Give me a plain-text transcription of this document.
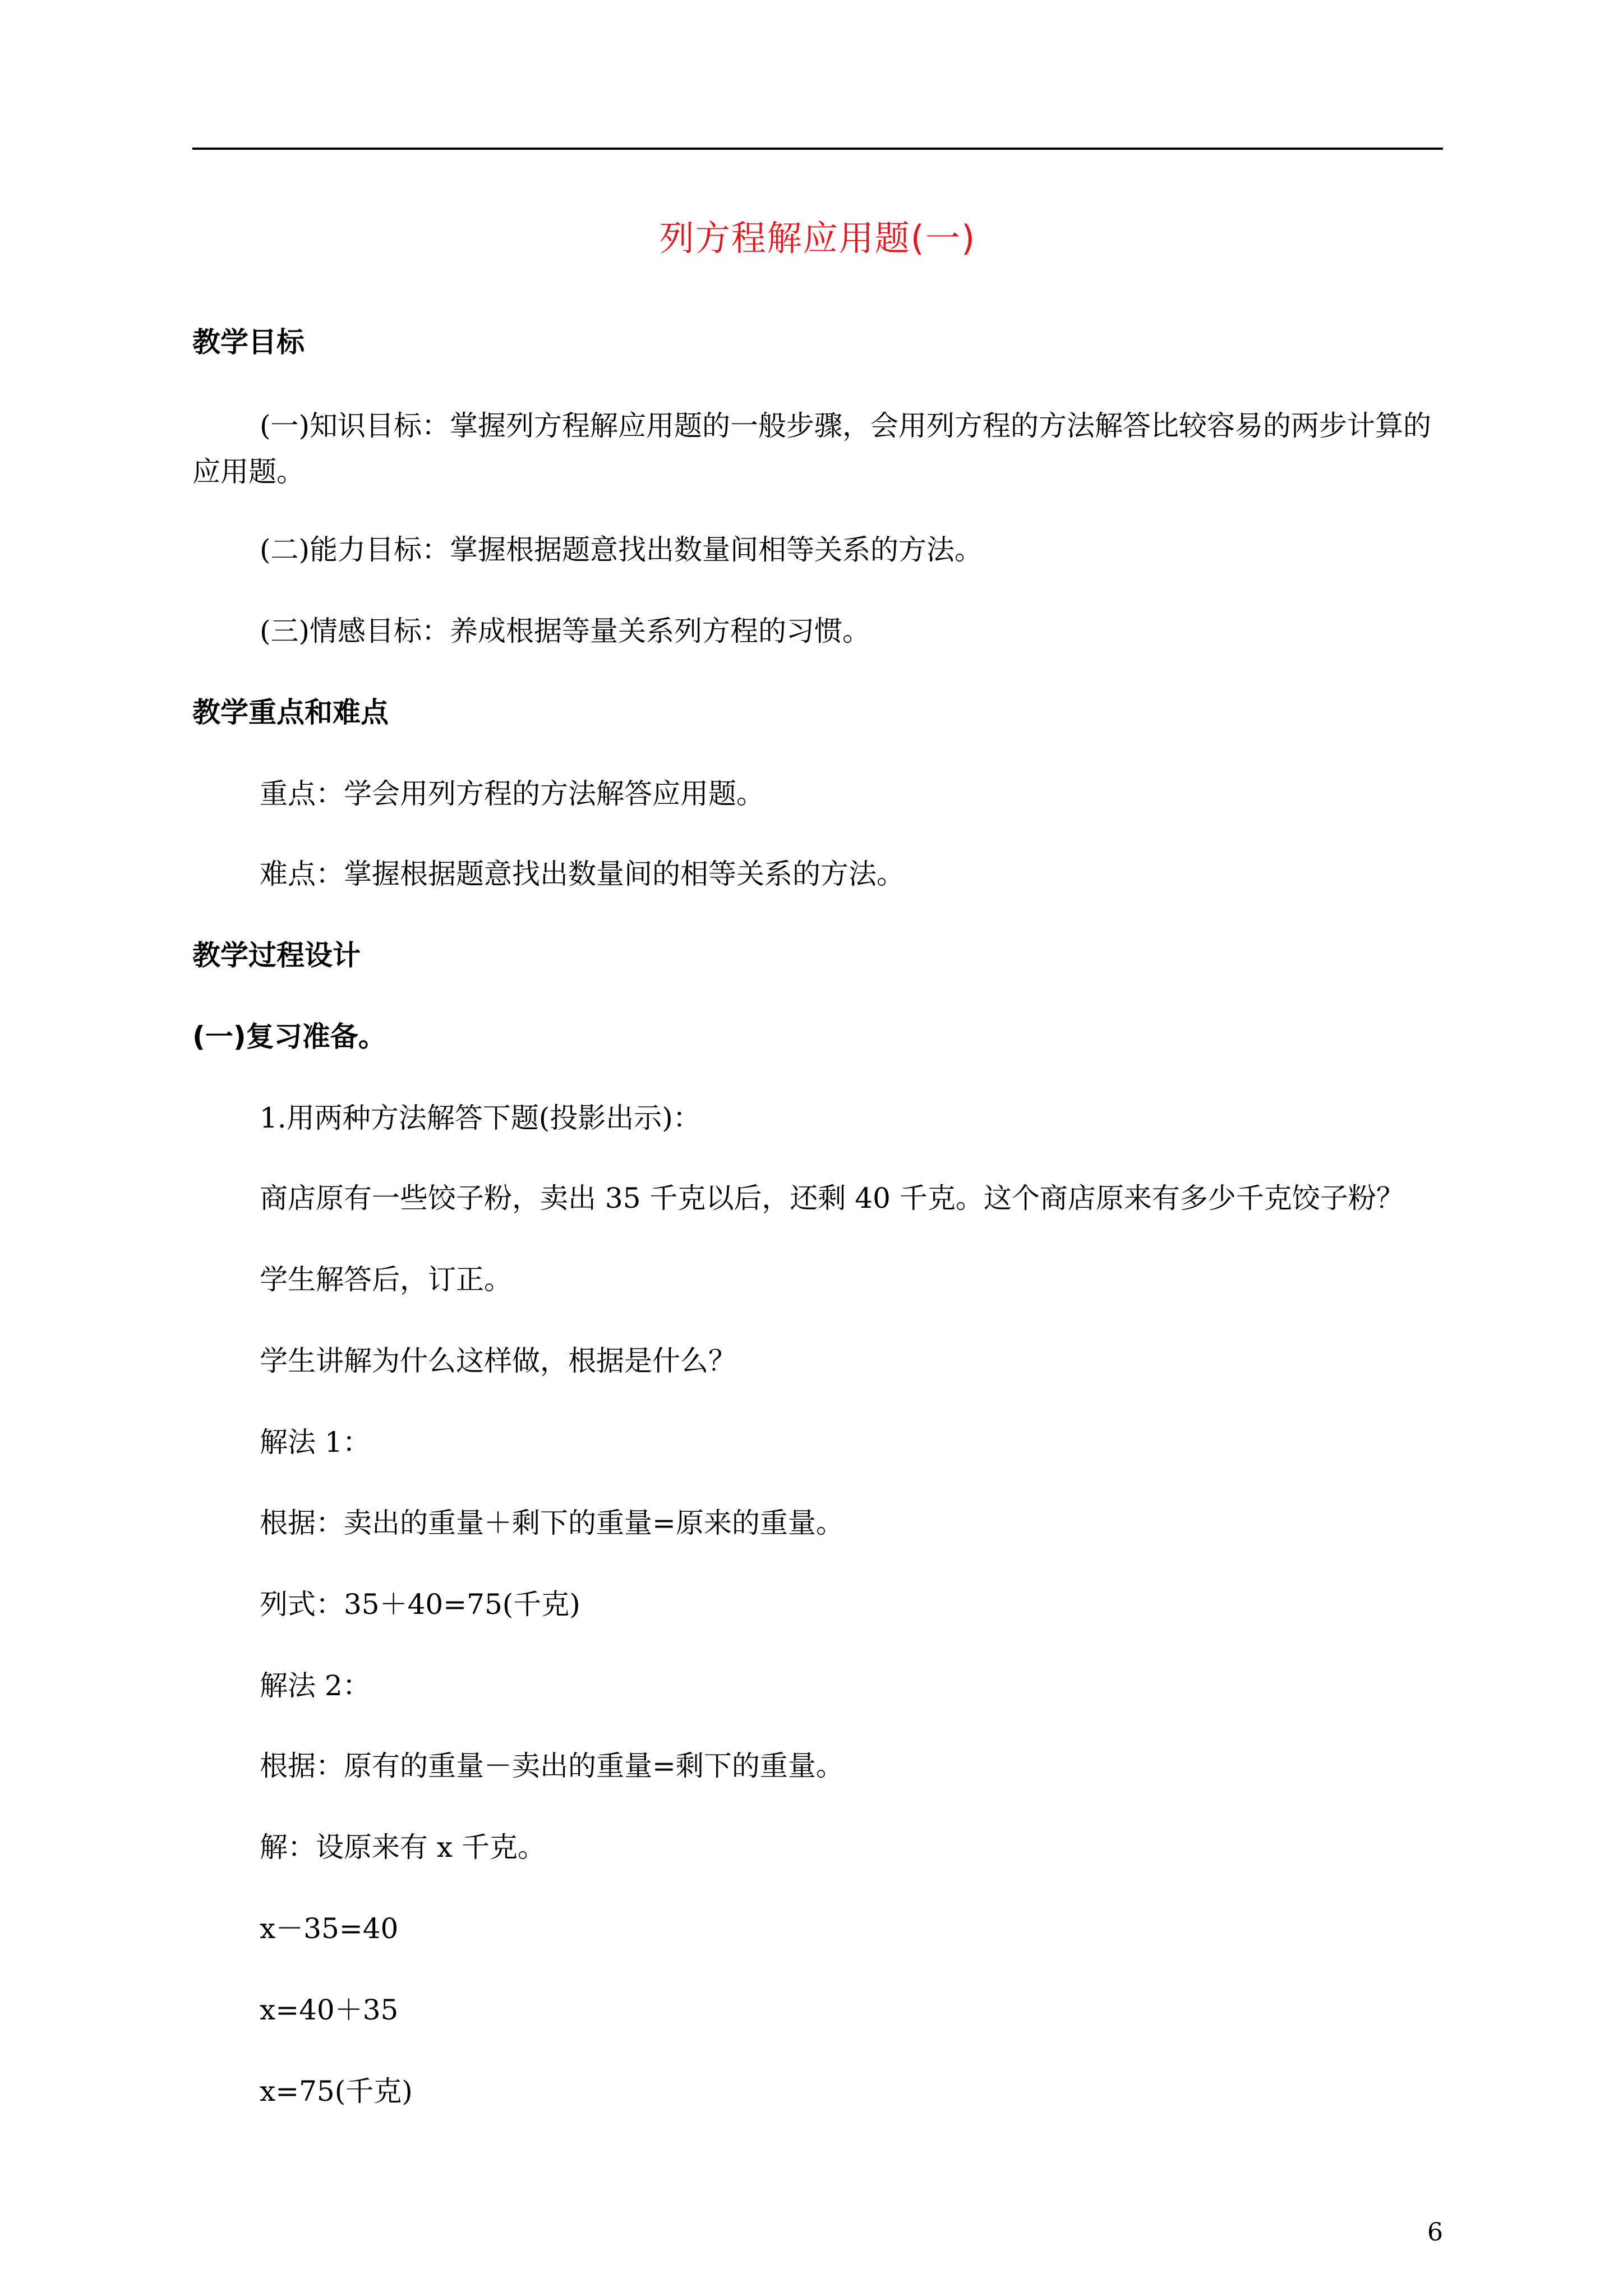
列方程解应用题(一)
教学目标
(一)知识目标：掌握列方程解应用题的一般步骤，会用列方程的方法解答比较容易的两步计算的应用题。
(二)能力目标：掌握根据题意找出数量间相等关系的方法。
(三)情感目标：养成根据等量关系列方程的习惯。
教学重点和难点
重点：学会用列方程的方法解答应用题。
难点：掌握根据题意找出数量间的相等关系的方法。
教学过程设计
(一)复习准备。
1.用两种方法解答下题(投影出示)：
商店原有一些饺子粉，卖出 35 千克以后，还剩 40 千克。这个商店原来有多少千克饺子粉？
学生解答后，订正。
学生讲解为什么这样做，根据是什么？
解法 1：
根据：卖出的重量＋剩下的重量=原来的重量。
列式：35＋40=75(千克)
解法 2：
根据：原有的重量－卖出的重量=剩下的重量。
解：设原来有 x 千克。
x－35=40
x=40＋35
x=75(千克)
6
